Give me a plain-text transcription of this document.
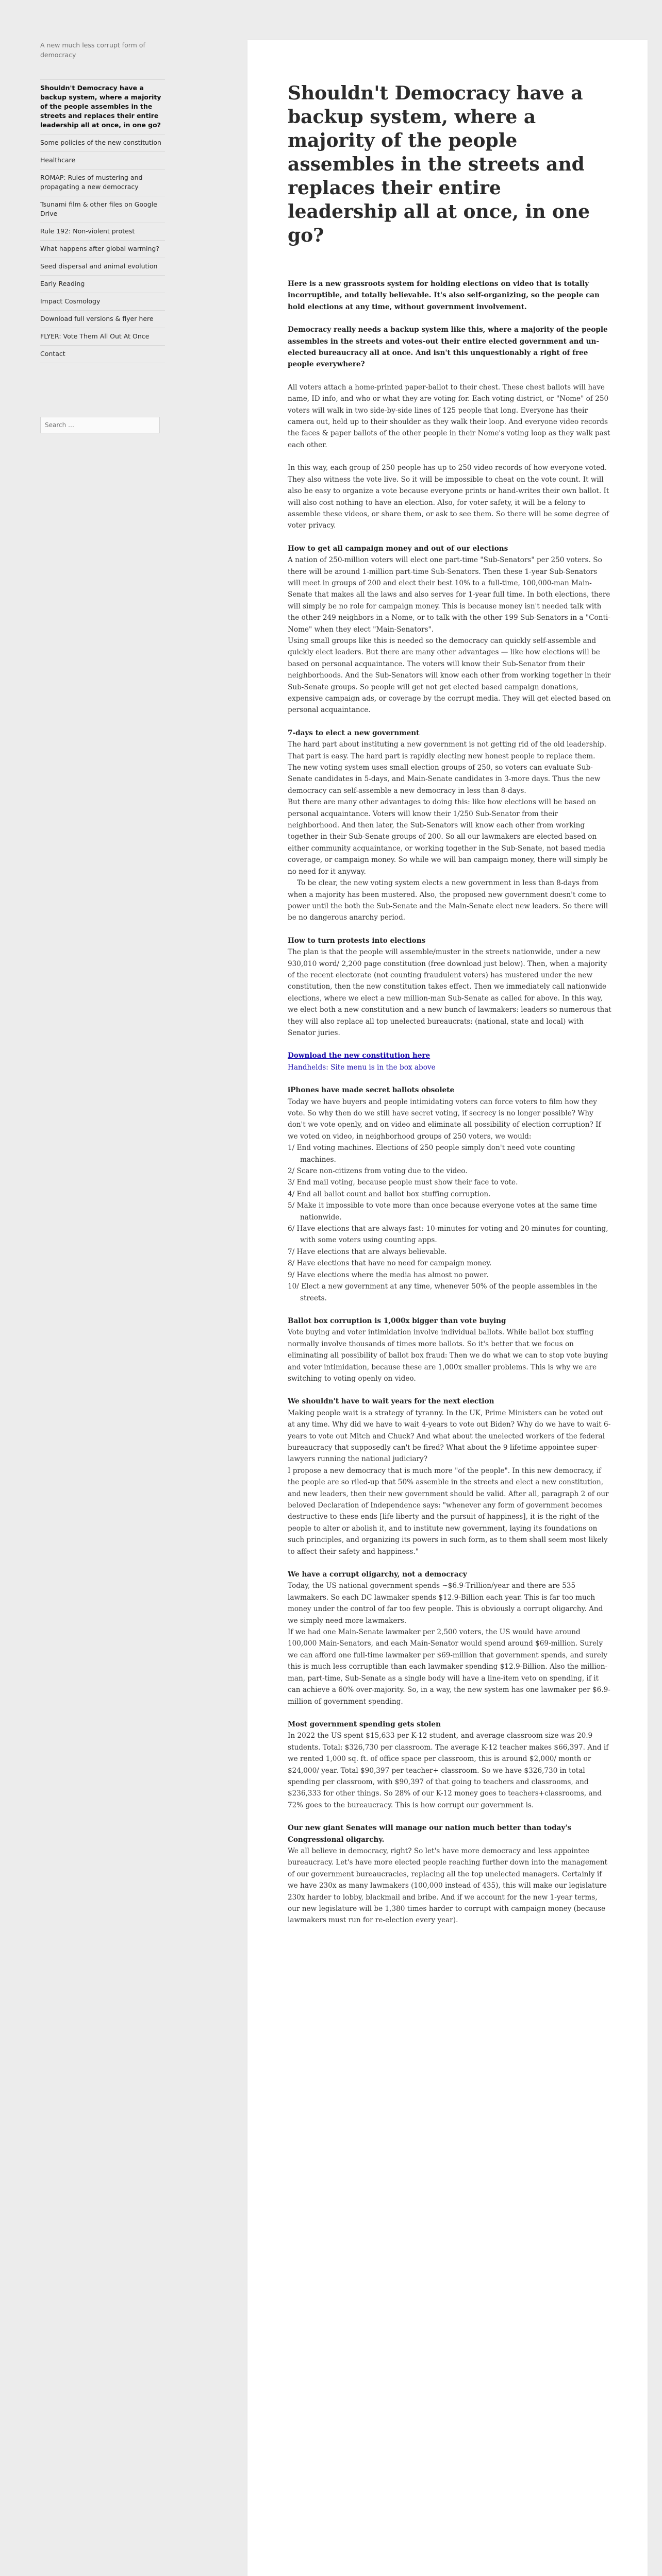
A new much less corrupt form of democracy
Shouldn't Democracy have a backup system, where a majority of the people assembles in the streets and replaces their entire leadership all at once, in one go?
Some policies of the new constitution
Healthcare
ROMAP: Rules of mustering and propagating a new democracy
Tsunami film & other files on Google Drive
Rule 192: Non-violent protest
What happens after global warming?
Seed dispersal and animal evolution
Early Reading
Impact Cosmology
Download full versions & flyer here
FLYER: Vote Them All Out At Once
Contact
Search …
Shouldn't Democracy have a backup system, where a majority of the people assembles in the streets and replaces their entire leadership all at once, in one go?

Here is a new grassroots system for holding elections on video that is totally incorruptible, and totally believable. It's also self-organizing, so the people can hold elections at any time, without government involvement.

Democracy really needs a backup system like this, where a majority of the people assembles in the streets and votes-out their entire elected government and un-elected bureaucracy all at once. And isn't this unquestionably a right of free people everywhere?

All voters attach a home-printed paper-ballot to their chest. These chest ballots will have name, ID info, and who or what they are voting for. Each voting district, or "Nome" of 250 voters will walk in two side-by-side lines of 125 people that long. Everyone has their camera out, held up to their shoulder as they walk their loop. And everyone video records the faces & paper ballots of the other people in their Nome's voting loop as they walk past each other.

In this way, each group of 250 people has up to 250 video records of how everyone voted. They also witness the vote live. So it will be impossible to cheat on the vote count. It will also be easy to organize a vote because everyone prints or hand-writes their own ballot. It will also cost nothing to have an election. Also, for voter safety, it will be a felony to assemble these videos, or share them, or ask to see them. So there will be some degree of voter privacy.

How to get all campaign money and out of our elections

A nation of 250-million voters will elect one part-time "Sub-Senators" per 250 voters. So there will be around 1-million part-time Sub-Senators. Then these 1-year Sub-Senators will meet in groups of 200 and elect their best 10% to a full-time, 100,000-man Main-Senate that makes all the laws and also serves for 1-year full time. In both elections, there will simply be no role for campaign money. This is because money isn't needed talk with the other 249 neighbors in a Nome, or to talk with the other 199 Sub-Senators in a "Conti-Nome" when they elect "Main-Senators".

Using small groups like this is needed so the democracy can quickly self-assemble and quickly elect leaders. But there are many other advantages — like how elections will be based on personal acquaintance. The voters will know their Sub-Senator from their neighborhoods. And the Sub-Senators will know each other from working together in their Sub-Senate groups. So people will get not get elected based campaign donations, expensive campaign ads, or coverage by the corrupt media. They will get elected based on personal acquaintance.

7-days to elect a new government

The hard part about instituting a new government is not getting rid of the old leadership. That part is easy. The hard part is rapidly electing new honest people to replace them.

The new voting system uses small election groups of 250, so voters can evaluate Sub-Senate candidates in 5-days, and Main-Senate candidates in 3-more days. Thus the new democracy can self-assemble a new democracy in less than 8-days.

But there are many other advantages to doing this: like how elections will be based on personal acquaintance. Voters will know their 1/250 Sub-Senator from their neighborhood. And then later, the Sub-Senators will know each other from working together in their Sub-Senate groups of 200. So all our lawmakers are elected based on either community acquaintance, or working together in the Sub-Senate, not based media coverage, or campaign money. So while we will ban campaign money, there will simply be no need for it anyway.

To be clear, the new voting system elects a new government in less than 8-days from when a majority has been mustered. Also, the proposed new government doesn't come to power until the both the Sub-Senate and the Main-Senate elect new leaders. So there will be no dangerous anarchy period.

How to turn protests into elections

The plan is that the people will assemble/muster in the streets nationwide, under a new 930,010 word/ 2,200 page constitution (free download just below). Then, when a majority of the recent electorate (not counting fraudulent voters) has mustered under the new constitution, then the new constitution takes effect. Then we immediately call nationwide elections, where we elect a new million-man Sub-Senate as called for above. In this way, we elect both a new constitution and a new bunch of lawmakers: leaders so numerous that they will also replace all top unelected bureaucrats: (national, state and local) with Senator juries.

Download the new constitution here
Handhelds: Site menu is in the box above

iPhones have made secret ballots obsolete

Today we have buyers and people intimidating voters can force voters to film how they vote. So why then do we still have secret voting, if secrecy is no longer possible? Why don't we vote openly, and on video and eliminate all possibility of election corruption? If we voted on video, in neighborhood groups of 250 voters, we would:

1/ End voting machines. Elections of 250 people simply don't need vote counting machines.
2/ Scare non-citizens from voting due to the video.
3/ End mail voting, because people must show their face to vote.
4/ End all ballot count and ballot box stuffing corruption.
5/ Make it impossible to vote more than once because everyone votes at the same time nationwide.
6/ Have elections that are always fast: 10-minutes for voting and 20-minutes for counting, with some voters using counting apps.
7/ Have elections that are always believable.
8/ Have elections that have no need for campaign money.
9/ Have elections where the media has almost no power.
10/ Elect a new government at any time, whenever 50% of the people assembles in the streets.
Ballot box corruption is 1,000x bigger than vote buying

Vote buying and voter intimidation involve individual ballots. While ballot box stuffing normally involve thousands of times more ballots. So it's better that we focus on eliminating all possibility of ballot box fraud: Then we do what we can to stop vote buying and voter intimidation, because these are 1,000x smaller problems. This is why we are switching to voting openly on video.

We shouldn't have to wait years for the next election

Making people wait is a strategy of tyranny. In the UK, Prime Ministers can be voted out at any time. Why did we have to wait 4-years to vote out Biden? Why do we have to wait 6-years to vote out Mitch and Chuck? And what about the unelected workers of the federal bureaucracy that supposedly can't be fired? What about the 9 lifetime appointee super-lawyers running the national judiciary?

I propose a new democracy that is much more "of the people". In this new democracy, if the people are so riled-up that 50% assemble in the streets and elect a new constitution, and new leaders, then their new government should be valid. After all, paragraph 2 of our beloved Declaration of Independence says: "whenever any form of government becomes destructive to these ends [life liberty and the pursuit of happiness], it is the right of the people to alter or abolish it, and to institute new government, laying its foundations on such principles, and organizing its powers in such form, as to them shall seem most likely to affect their safety and happiness."

We have a corrupt oligarchy, not a democracy

Today, the US national government spends ~$6.9-Trillion/year and there are 535 lawmakers. So each DC lawmaker spends $12.9-Billion each year. This is far too much money under the control of far too few people. This is obviously a corrupt oligarchy. And we simply need more lawmakers.

If we had one Main-Senate lawmaker per 2,500 voters, the US would have around 100,000 Main-Senators, and each Main-Senator would spend around $69-million. Surely we can afford one full-time lawmaker per $69-million that government spends, and surely this is much less corruptible than each lawmaker spending $12.9-Billion. Also the million-man, part-time, Sub-Senate as a single body will have a line-item veto on spending, if it can achieve a 60% over-majority. So, in a way, the new system has one lawmaker per $6.9-million of government spending.

Most government spending gets stolen

In 2022 the US spent $15,633 per K-12 student, and average classroom size was 20.9 students. Total: $326,730 per classroom. The average K-12 teacher makes $66,397. And if we rented 1,000 sq. ft. of office space per classroom, this is around $2,000/ month or $24,000/ year. Total $90,397 per teacher+ classroom. So we have $326,730 in total spending per classroom, with $90,397 of that going to teachers and classrooms, and $236,333 for other things. So 28% of our K-12 money goes to teachers+classrooms, and 72% goes to the bureaucracy. This is how corrupt our government is.

Our new giant Senates will manage our nation much better than today's Congressional oligarchy.

We all believe in democracy, right? So let's have more democracy and less appointee bureaucracy. Let's have more elected people reaching further down into the management of our government bureaucracies, replacing all the top unelected managers. Certainly if we have 230x as many lawmakers (100,000 instead of 435), this will make our legislature 230x harder to lobby, blackmail and bribe. And if we account for the new 1-year terms, our new legislature will be 1,380 times harder to corrupt with campaign money (because lawmakers must run for re-election every year).
